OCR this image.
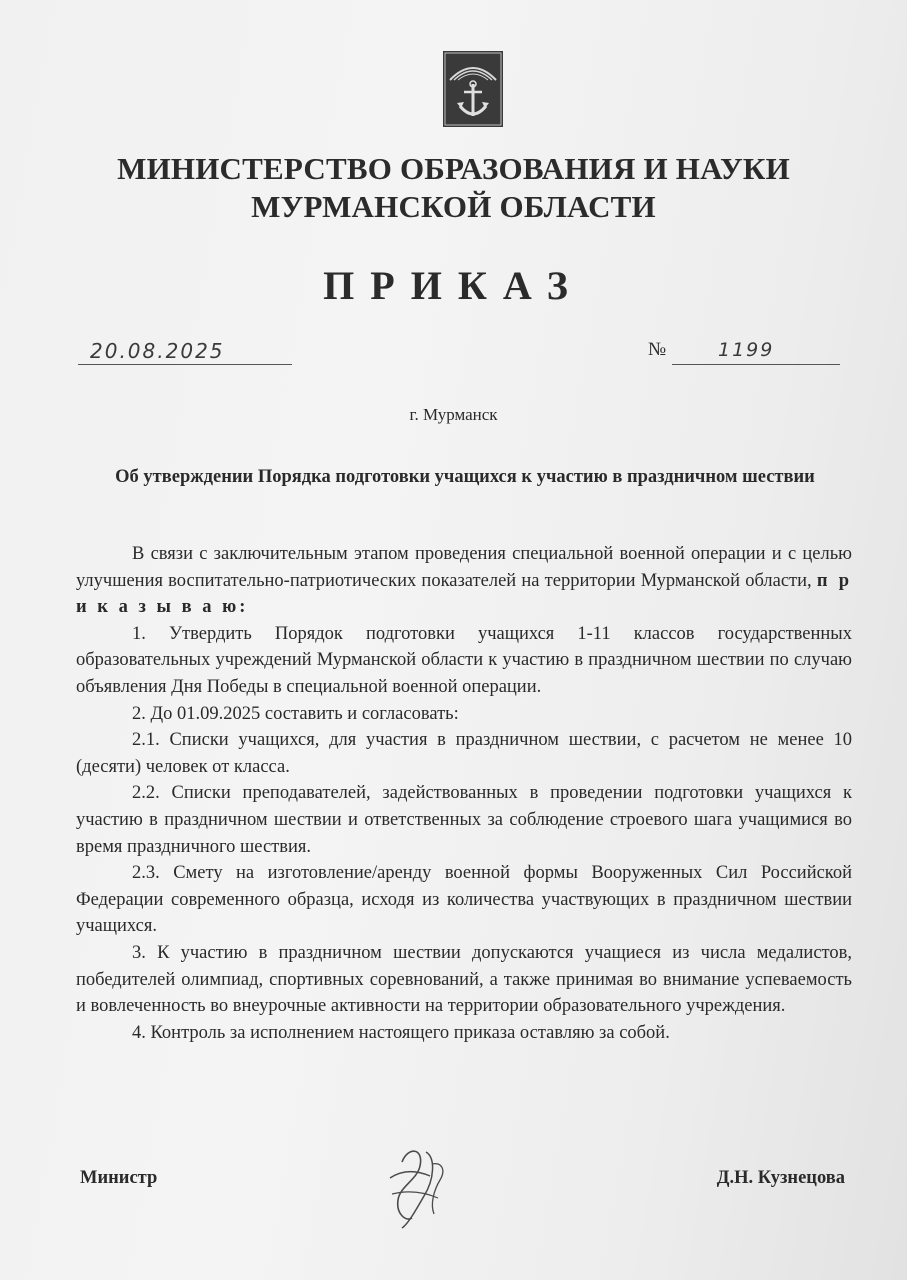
МИНИСТЕРСТВО ОБРАЗОВАНИЯ И НАУКИ
МУРМАНСКОЙ ОБЛАСТИ
ПРИКАЗ
20.08.2025	№	1199
г. Мурманск
Об утверждении Порядка подготовки учащихся к участию в праздничном шествии

В связи с заключительным этапом проведения специальной военной операции и с целью улучшения воспитательно-патриотических показателей на территории Мурманской области, п р и к а з ы в а ю:

1. Утвердить Порядок подготовки учащихся 1-11 классов государственных образовательных учреждений Мурманской области к участию в праздничном шествии по случаю объявления Дня Победы в специальной военной операции.

2. До 01.09.2025 составить и согласовать:

2.1. Списки учащихся, для участия в праздничном шествии, с расчетом не менее 10 (десяти) человек от класса.

2.2. Списки преподавателей, задействованных в проведении подготовки учащихся к участию в праздничном шествии и ответственных за соблюдение строевого шага учащимися во время праздничного шествия.

2.3. Смету на изготовление/аренду военной формы Вооруженных Сил Российской Федерации современного образца, исходя из количества участвующих в праздничном шествии учащихся.

3. К участию в праздничном шествии допускаются учащиеся из числа медалистов, победителей олимпиад, спортивных соревнований, а также принимая во внимание успеваемость и вовлеченность во внеурочные активности на территории образовательного учреждения.

4. Контроль за исполнением настоящего приказа оставляю за собой.

Министр	Д.Н. Кузнецова
